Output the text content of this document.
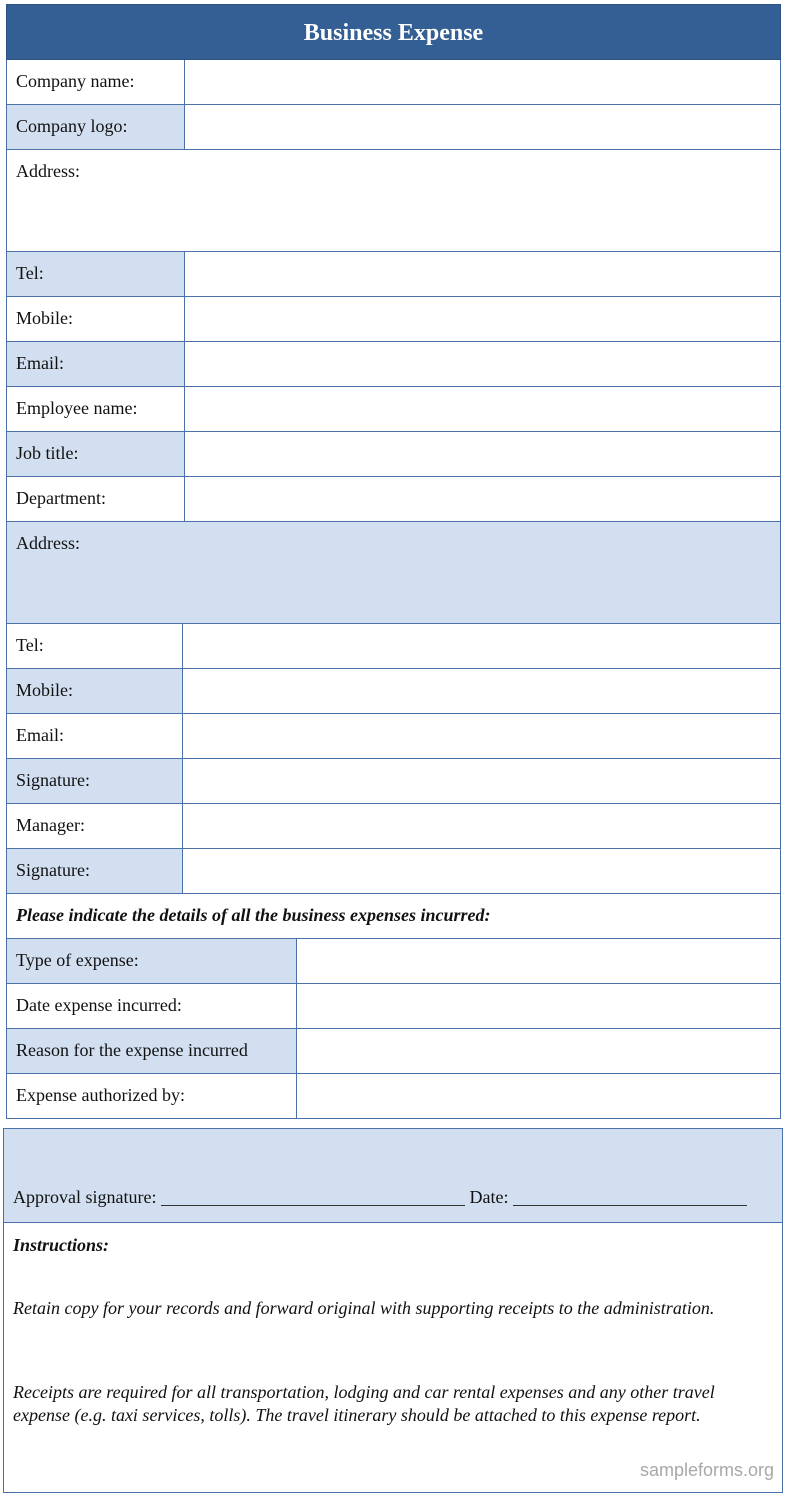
Business Expense
Company name:
Company logo:
Address:
Tel:
Mobile:
Email:
Employee name:
Job title:
Department:
Address:
Tel:
Mobile:
Email:
Signature:
Manager:
Signature:
Please indicate the details of all the business expenses incurred:
Type of expense:
Date expense incurred:
Reason for the expense incurred
Expense authorized by:
Approval signature:	Date:
Instructions:
Retain copy for your records and forward original with supporting receipts to the administration.
Receipts are required for all transportation, lodging and car rental expenses and any other travel expense (e.g. taxi services, tolls). The travel itinerary should be attached to this expense report.
sampleforms.org
